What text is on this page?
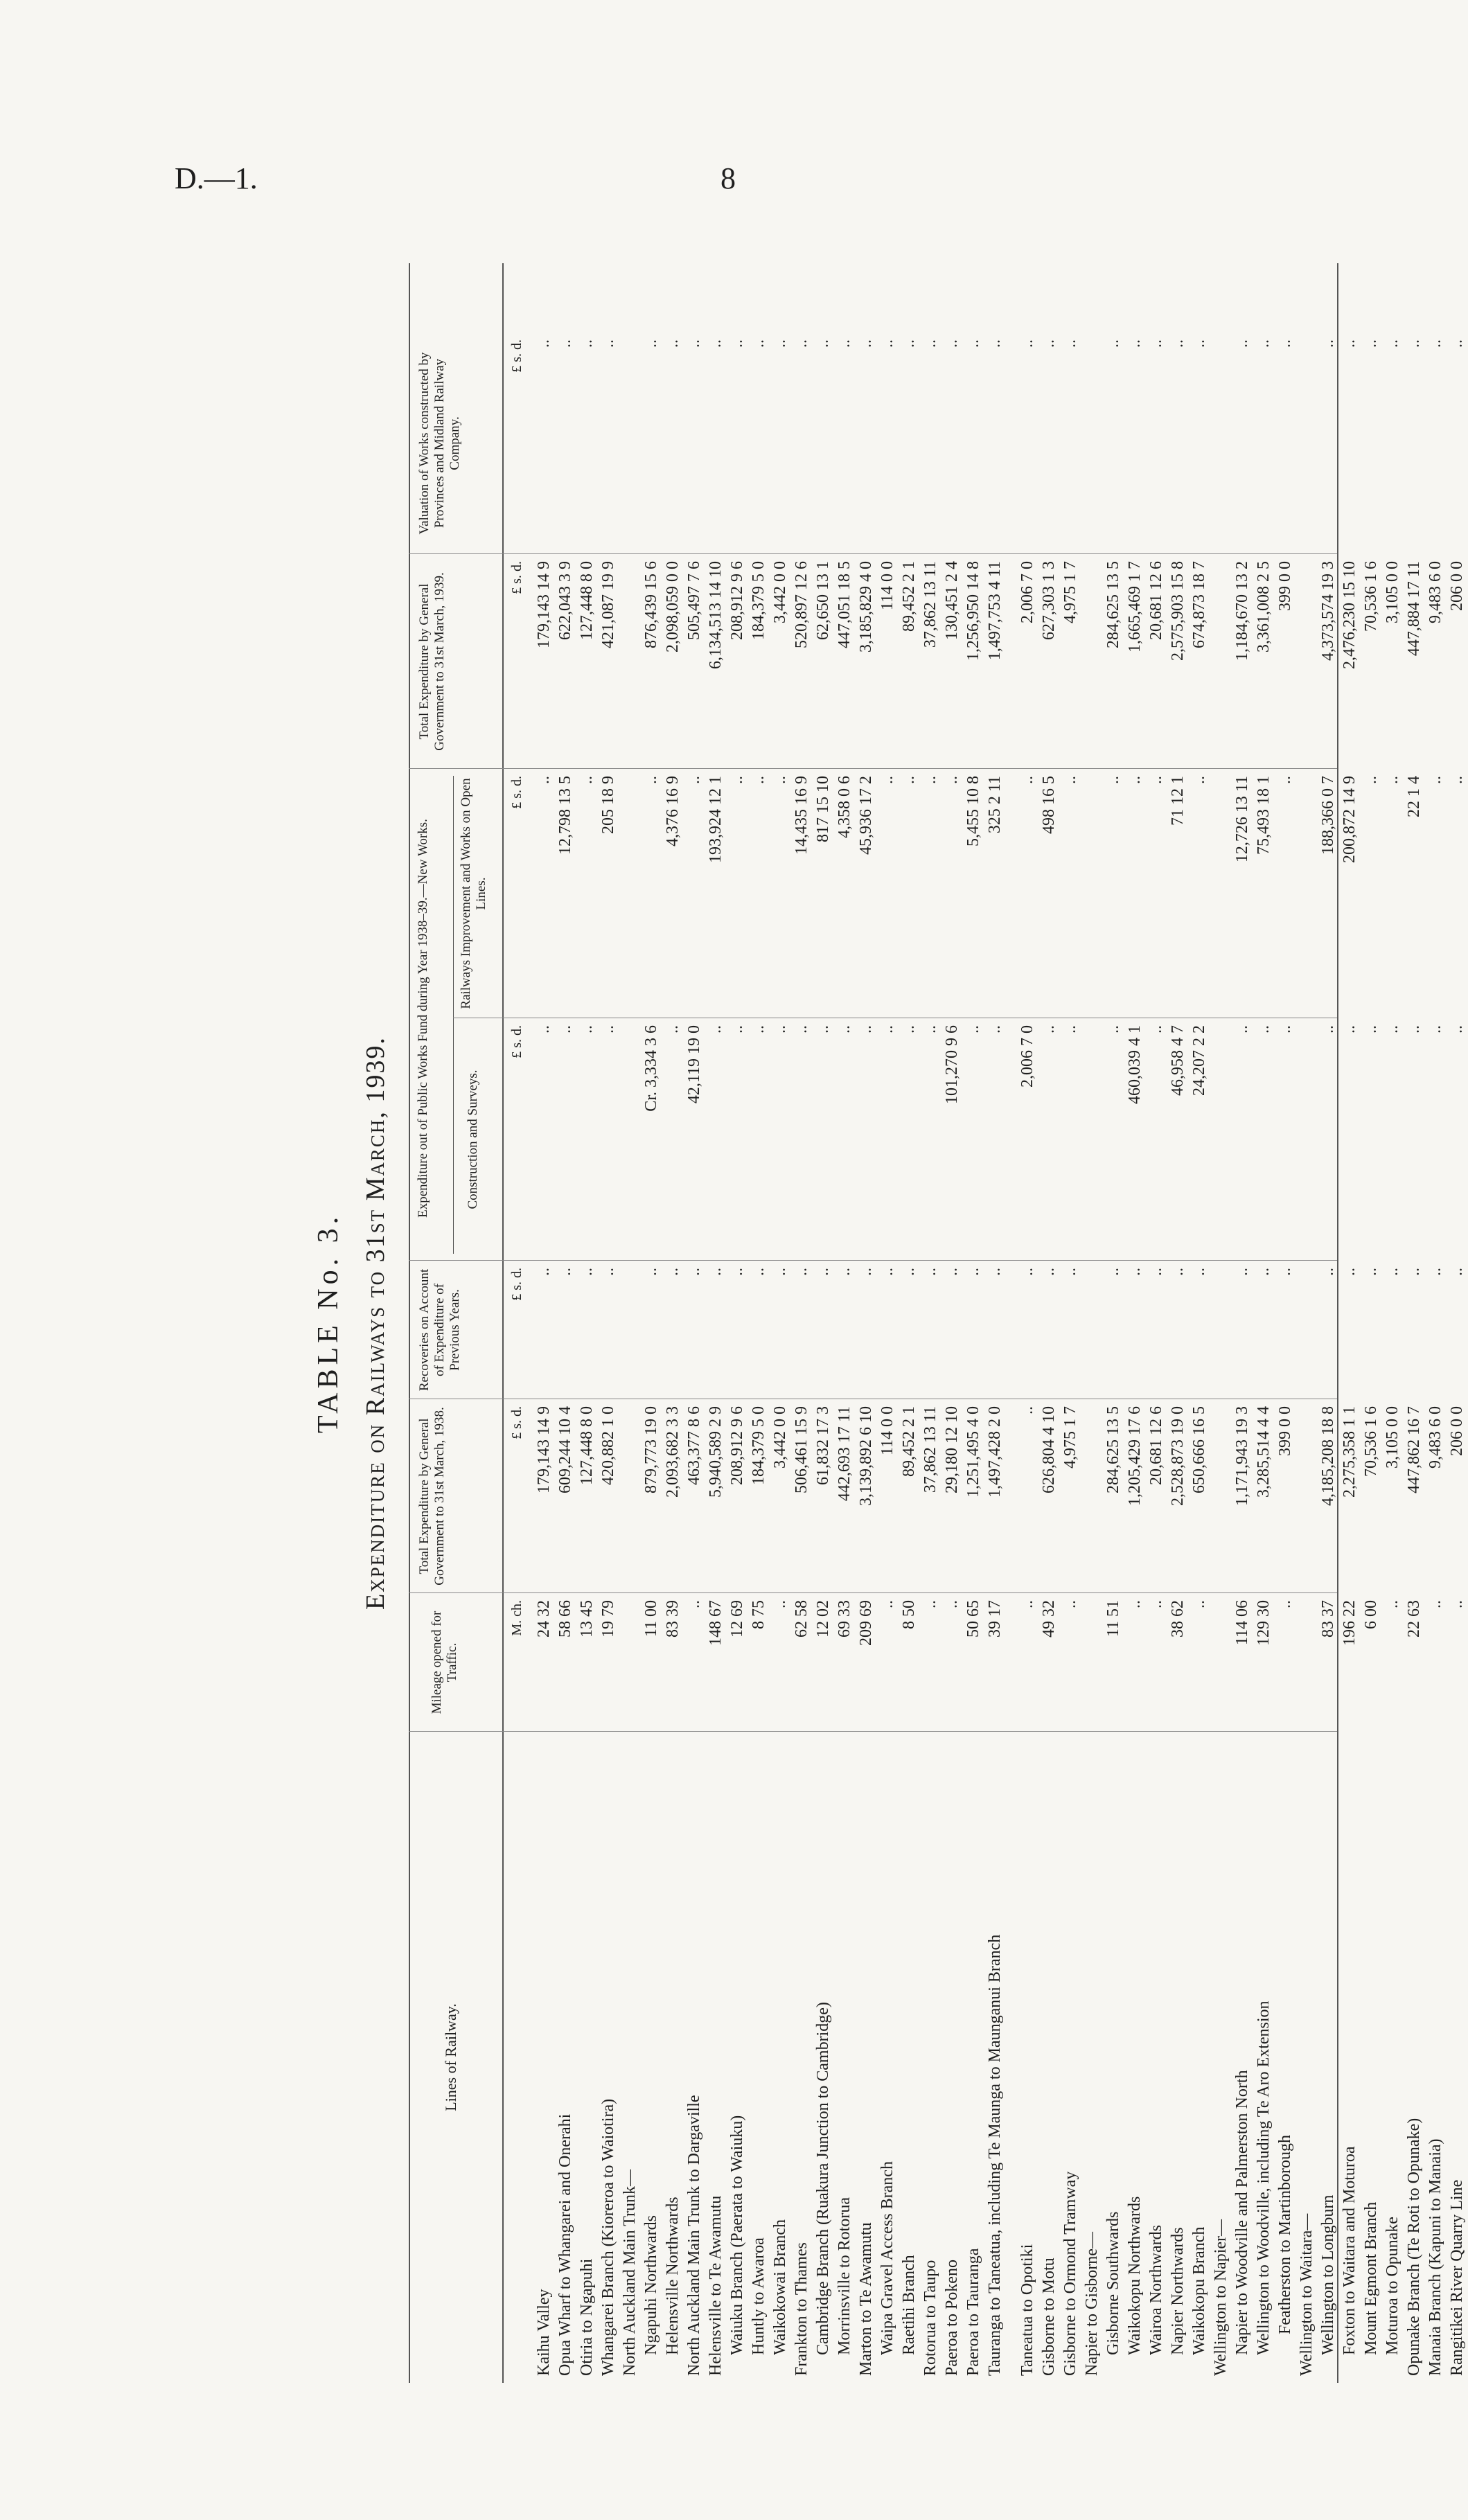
D.—1.	8
TABLE No. 3. Expenditure on Railways to 31st March, 1939.
Lines of Railway.
Mileage opened for Traffic.
Total Expenditure by General Government to 31st March, 1938.
Recoveries on Account of Expenditure of Previous Years.
Expenditure out of Public Works Fund during Year 1938–39.—New Works.	Construction and Surveys.
Railways Improvement and Works on Open Lines.
Total Expenditure by General Government to 31st March, 1939.
Valuation of Works constructed by Provinces and Midland Railway Company.
M. ch.
£ s. d.
£ s. d.
£ s. d.
£ s. d.
£ s. d.
£ s. d.
Kaihu Valley
24 32
179,143 14 9
..
..
..
179,143 14 9
..
Opua Wharf to Whangarei and Onerahi
58 66
609,244 10 4
..
..
12,798 13 5
622,043 3 9
..
Otiria to Ngapuhi
13 45
127,448 8 0
..
..
..
127,448 8 0
..
Whangarei Branch (Kioreroa to Waiotira)
19 79
420,882 1 0
..
..
205 18 9
421,087 19 9
..
North Auckland Main Trunk— Ngapuhi Northwards
11 00
879,773 19 0
..
Cr. 3,334 3 6
..
876,439 15 6
..
Helensville Northwards
83 39
2,093,682 3 3
..
..
4,376 16 9
2,098,059 0 0
..
North Auckland Main Trunk to Dargaville
..
463,377 8 6
..
42,119 19 0
..
505,497 7 6
..
Helensville to Te Awamutu
148 67
5,940,589 2 9
..
..
193,924 12 1
6,134,513 14 10
..
Waiuku Branch (Paerata to Waiuku)
12 69
208,912 9 6
..
..
..
208,912 9 6
..
Huntly to Awaroa
8 75
184,379 5 0
..
..
..
184,379 5 0
..
Waikokowai Branch
..
3,442 0 0
..
..
..
3,442 0 0
..
Frankton to Thames
62 58
506,461 15 9
..
..
14,435 16 9
520,897 12 6
..
Cambridge Branch (Ruakura Junction to Cambridge)
12 02
61,832 17 3
..
..
817 15 10
62,650 13 1
..
Morrinsville to Rotorua
69 33
442,693 17 11
..
..
4,358 0 6
447,051 18 5
..
Marton to Te Awamutu
209 69
3,139,892 6 10
..
..
45,936 17 2
3,185,829 4 0
..
Waipa Gravel Access Branch
..
114 0 0
..
..
..
114 0 0
..
Raetihi Branch
8 50
89,452 2 1
..
..
..
89,452 2 1
..
Rotorua to Taupo
..
37,862 13 11
..
..
..
37,862 13 11
..
Paeroa to Pokeno
..
29,180 12 10
..
101,270 9 6
..
130,451 2 4
..
Paeroa to Tauranga
50 65
1,251,495 4 0
..
..
5,455 10 8
1,256,950 14 8
..
Tauranga to Taneatua, including Te Maunga to Maunganui Branch
39 17
1,497,428 2 0
..
..
325 2 11
1,497,753 4 11
..
Taneatua to Opotiki
..
..
..
2,006 7 0
..
2,006 7 0
..
Gisborne to Motu
49 32
626,804 4 10
..
..
498 16 5
627,303 1 3
..
Gisborne to Ormond Tramway
..
4,975 1 7
..
..
..
4,975 1 7
..
Napier to Gisborne— Gisborne Southwards
11 51
284,625 13 5
..
..
..
284,625 13 5
..
Waikokopu Northwards
..
1,205,429 17 6
..
460,039 4 1
..
1,665,469 1 7
..
Wairoa Northwards
..
20,681 12 6
..
..
..
20,681 12 6
..
Napier Northwards
38 62
2,528,873 19 0
..
46,958 4 7
71 12 1
2,575,903 15 8
..
Waikokopu Branch
..
650,666 16 5
..
24,207 2 2
..
674,873 18 7
..
Wellington to Napier— Napier to Woodville and Palmerston North
114 06
1,171,943 19 3
..
..
12,726 13 11
1,184,670 13 2
..
Wellington to Woodville, including Te Aro Extension
129 30
3,285,514 4 4
..
..
75,493 18 1
3,361,008 2 5
..
Featherston to Martinborough
..
399 0 0
..
..
..
399 0 0
..
Wellington to Waitara— Wellington to Longburn
83 37
4,185,208 18 8
..
..
188,366 0 7
4,373,574 19 3
..
Foxton to Waitara and Moturoa
196 22
2,275,358 1 1
..
..
200,872 14 9
2,476,230 15 10
..
Mount Egmont Branch
6 00
70,536 1 6
..
..
..
70,536 1 6
..
Moturoa to Opunake
..
3,105 0 0
..
..
..
3,105 0 0
..
Opunake Branch (Te Roti to Opunake)
22 63
447,862 16 7
..
..
22 1 4
447,884 17 11
..
Manaia Branch (Kapuni to Manaia)
..
9,483 6 0
..
..
..
9,483 6 0
..
Rangitikei River Quarry Line
..
206 0 0
..
..
..
206 0 0
..
